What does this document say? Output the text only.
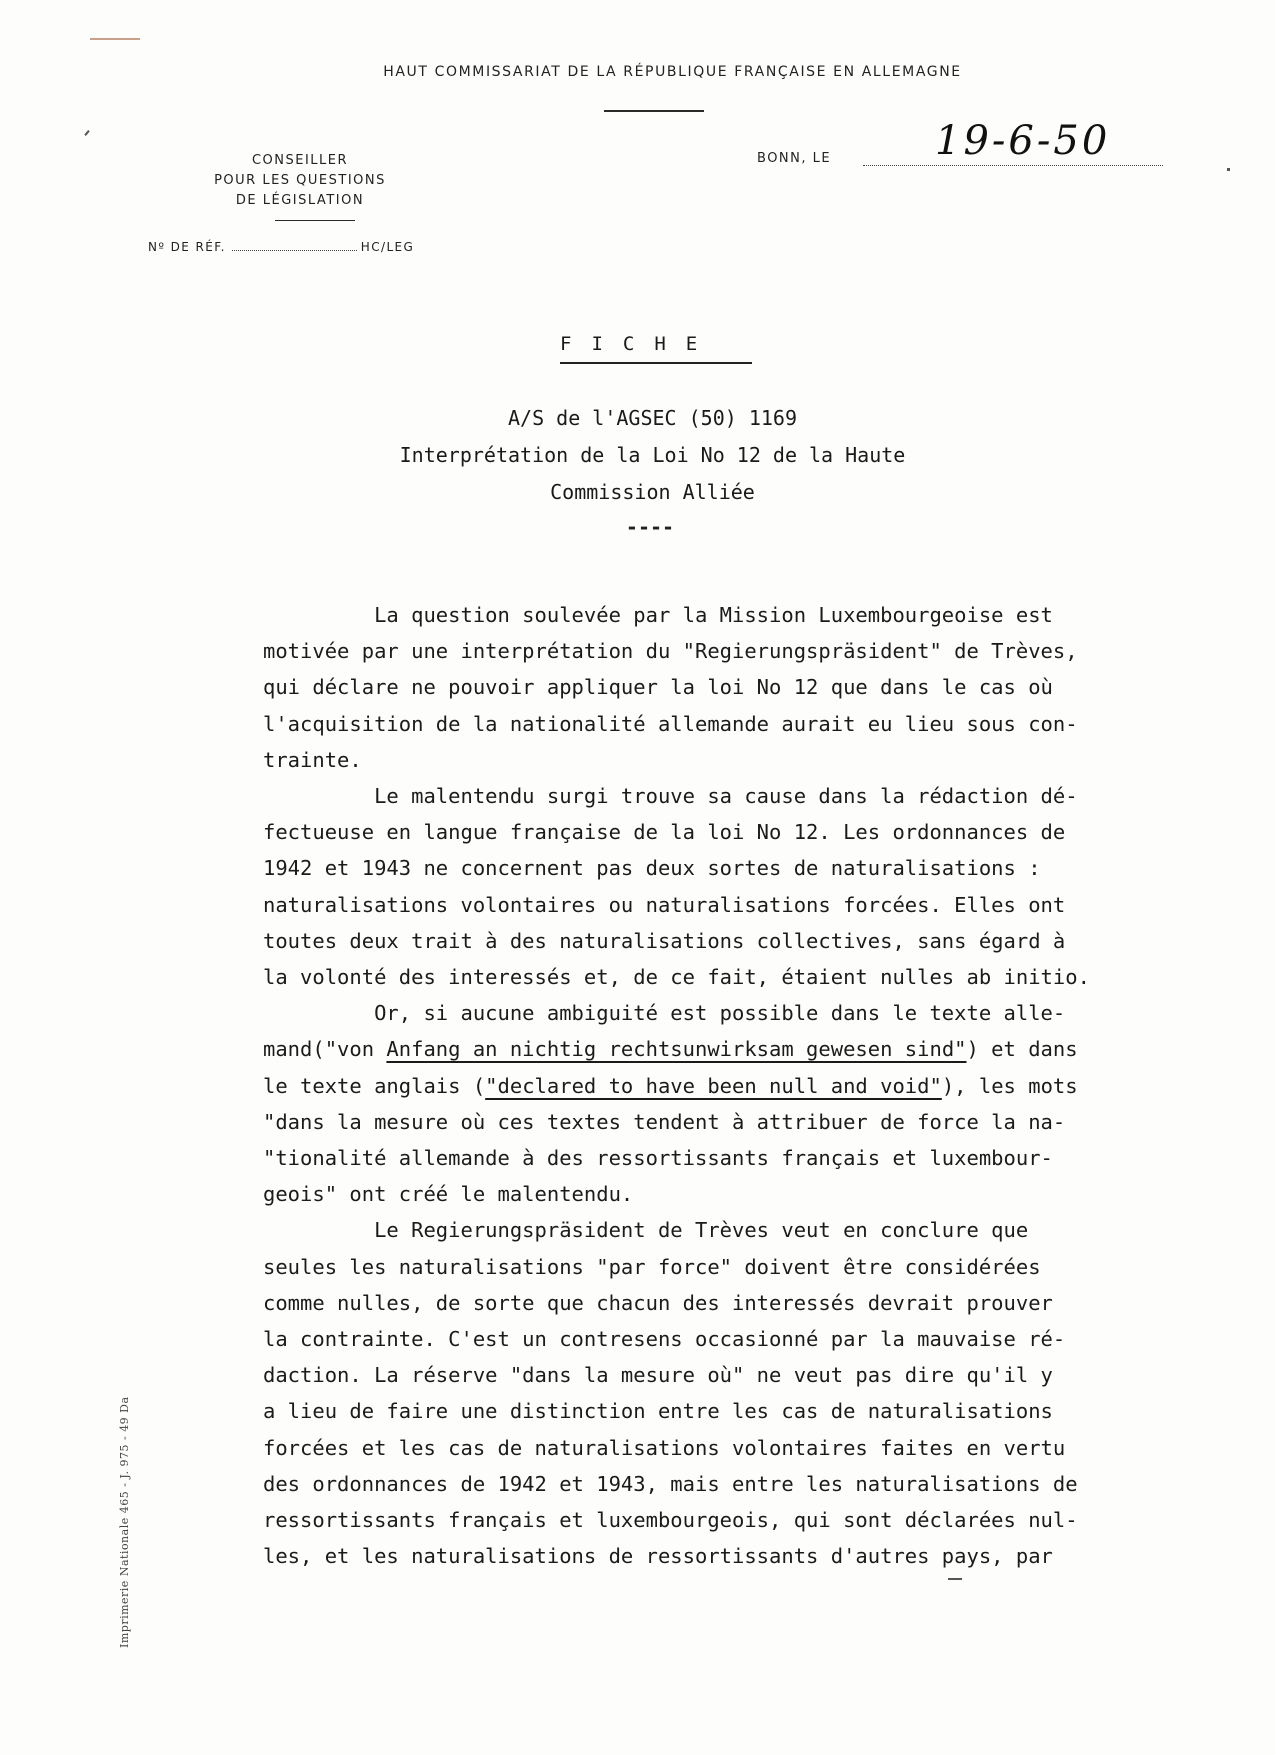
HAUT COMMISSARIAT DE LA RÉPUBLIQUE FRANÇAISE EN ALLEMAGNE
CONSEILLER
POUR LES QUESTIONS
DE LÉGISLATION
BONN, LE	19-6-50
Nº DE RÉF.	HC/LEG
FICHE
A/S de l'AGSEC (50) 1169
Interprétation de la Loi No 12 de la Haute
Commission Alliée
----

La question soulevée par la Mission Luxembourgeoise est

motivée par une interprétation du "Regierungspräsident" de Trèves,

qui déclare ne pouvoir appliquer la loi No 12 que dans le cas où

l'acquisition de la nationalité allemande aurait eu lieu sous con-

trainte.

Le malentendu surgi trouve sa cause dans la rédaction dé-

fectueuse en langue française de la loi No 12. Les ordonnances de

1942 et 1943 ne concernent pas deux sortes de naturalisations :

naturalisations volontaires ou naturalisations forcées. Elles ont

toutes deux trait à des naturalisations collectives, sans égard à

la volonté des interessés et, de ce fait, étaient nulles ab initio.

Or, si aucune ambiguité est possible dans le texte alle-

mand("von Anfang an nichtig rechtsunwirksam gewesen sind") et dans

le texte anglais ("declared to have been null and void"), les mots

"dans la mesure où ces textes tendent à attribuer de force la na-

"tionalité allemande à des ressortissants français et luxembour-

geois" ont créé le malentendu.

Le Regierungspräsident de Trèves veut en conclure que

seules les naturalisations "par force" doivent être considérées

comme nulles, de sorte que chacun des interessés devrait prouver

la contrainte. C'est un contresens occasionné par la mauvaise ré-

daction. La réserve "dans la mesure où" ne veut pas dire qu'il y

a lieu de faire une distinction entre les cas de naturalisations

forcées et les cas de naturalisations volontaires faites en vertu

des ordonnances de 1942 et 1943, mais entre les naturalisations de

ressortissants français et luxembourgeois, qui sont déclarées nul-

les, et les naturalisations de ressortissants d'autres pays, par

Imprimerie Nationale 465 - J. 975 - 49 Da
